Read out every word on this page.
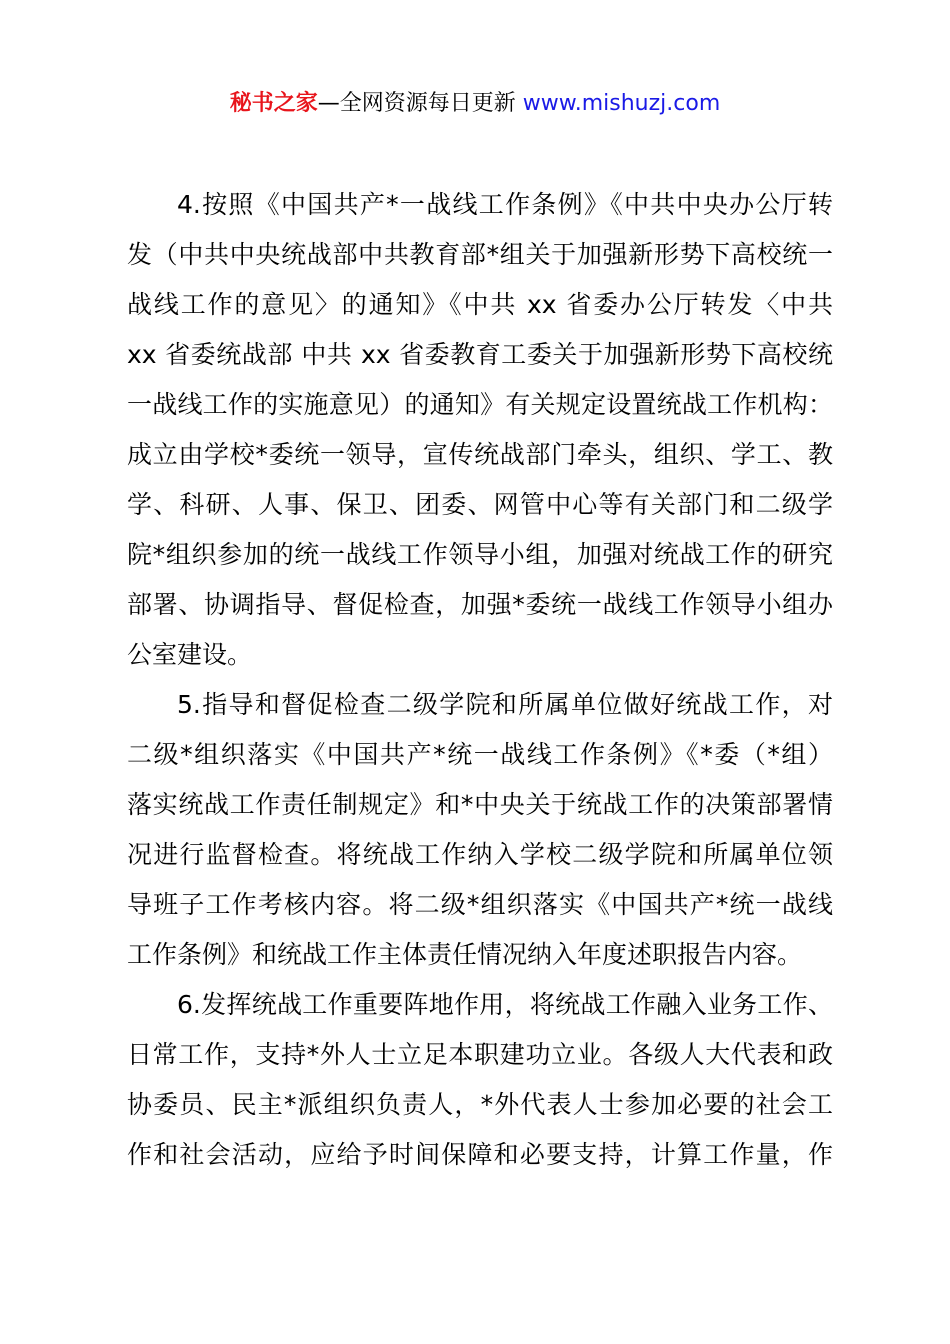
秘书之家—全网资源每日更新 www.mishuzj.com
4.按照《中国共产*一战线工作条例》《中共中央办公厅转
发（中共中央统战部中共教育部*组关于加强新形势下高校统一
战线工作的意见〉的通知》《中共 xx 省委办公厅转发〈中共
xx 省委统战部 中共 xx 省委教育工委关于加强新形势下高校统
一战线工作的实施意见）的通知》有关规定设置统战工作机构：
成立由学校*委统一领导，宣传统战部门牵头，组织、学工、教
学、科研、人事、保卫、团委、网管中心等有关部门和二级学
院*组织参加的统一战线工作领导小组，加强对统战工作的研究
部署、协调指导、督促检查，加强*委统一战线工作领导小组办
公室建设。
5.指导和督促检查二级学院和所属单位做好统战工作，对
二级*组织落实《中国共产*统一战线工作条例》《*委（*组）
落实统战工作责任制规定》和*中央关于统战工作的决策部署情
况进行监督检查。将统战工作纳入学校二级学院和所属单位领
导班子工作考核内容。将二级*组织落实《中国共产*统一战线
工作条例》和统战工作主体责任情况纳入年度述职报告内容。
6.发挥统战工作重要阵地作用，将统战工作融入业务工作、
日常工作，支持*外人士立足本职建功立业。各级人大代表和政
协委员、民主*派组织负责人，*外代表人士参加必要的社会工
作和社会活动，应给予时间保障和必要支持，计算工作量，作
